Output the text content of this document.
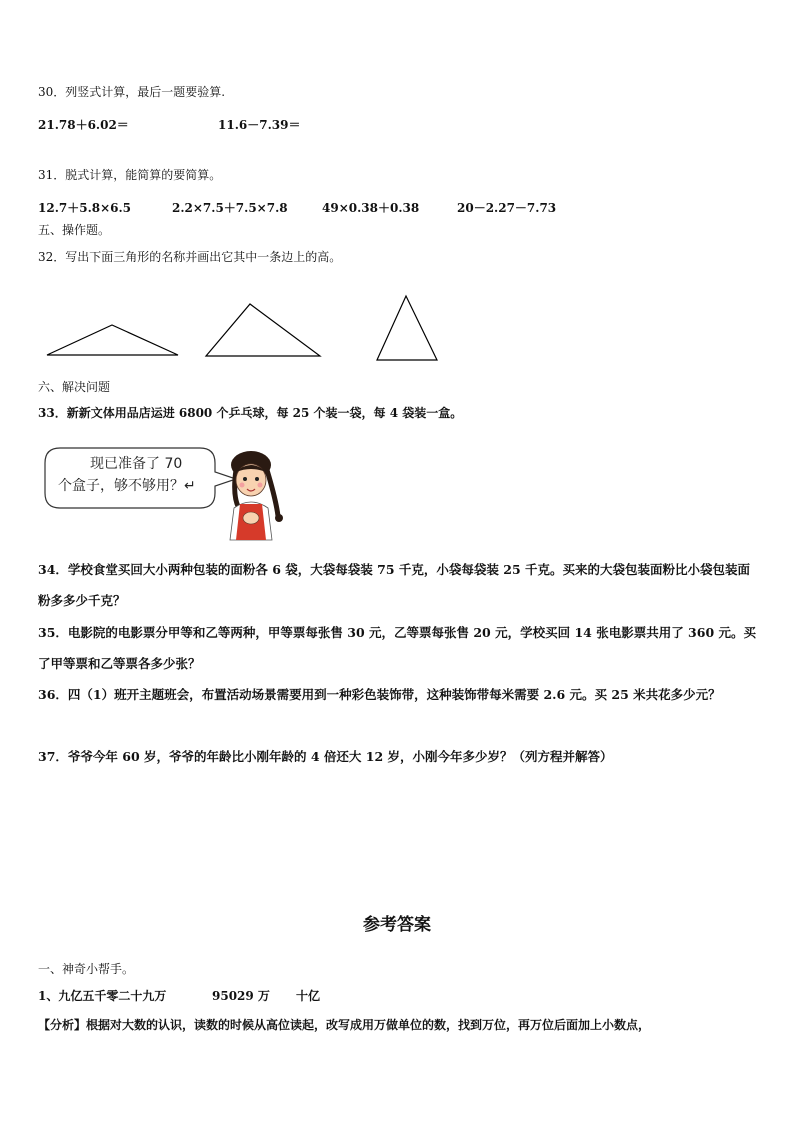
30．列竖式计算，最后一题要验算.
21.78＋6.02＝	11.6－7.39＝
31．脱式计算，能简算的要简算。
12.7＋5.8×6.5	2.2×7.5＋7.5×7.8	49×0.38＋0.38	20－2.27－7.73
五、操作题。
32．写出下面三角形的名称并画出它其中一条边上的高。
六、解决问题
33．新新文体用品店运进 6800 个乒乓球，每 25 个装一袋，每 4 袋装一盒。
现已准备了 70
个盒子，够不够用？↵
34．学校食堂买回大小两种包装的面粉各 6 袋，大袋每袋装 75 千克，小袋每袋装 25 千克。买来的大袋包装面粉比小袋包装面粉多多少千克？
35．电影院的电影票分甲等和乙等两种，甲等票每张售 30 元，乙等票每张售 20 元，学校买回 14 张电影票共用了 360 元。买了甲等票和乙等票各多少张？
36．四（1）班开主题班会，布置活动场景需要用到一种彩色装饰带，这种装饰带每米需要 2.6 元。买 25 米共花多少元？
37．爷爷今年 60 岁，爷爷的年龄比小刚年龄的 4 倍还大 12 岁，小刚今年多少岁？（列方程并解答）
参考答案
一、神奇小帮手。
1、九亿五千零二十九万	95029 万 十亿
【分析】根据对大数的认识，读数的时候从高位读起，改写成用万做单位的数，找到万位，再万位后面加上小数点，
